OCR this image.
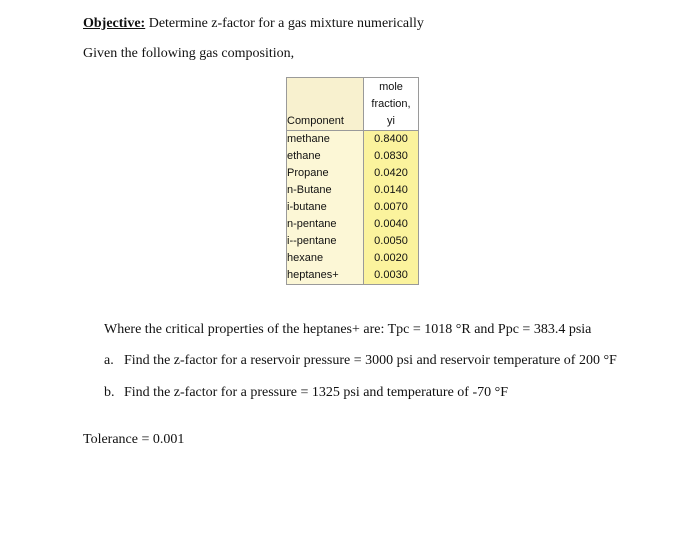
Objective: Determine z-factor for a gas mixture numerically
Given the following gas composition,
Component	mole
fraction,
yi

methane	0.8400
ethane	0.0830
Propane	0.0420
n-Butane	0.0140
i-butane	0.0070
n-pentane	0.0040
i--pentane	0.0050
hexane	0.0020
heptanes+	0.0030
Where the critical properties of the heptanes+ are: Tpc = 1018 °R and Ppc = 383.4 psia
a. Find the z-factor for a reservoir pressure = 3000 psi and reservoir temperature of 200 °F
b. Find the z-factor for a pressure = 1325 psi and temperature of -70 °F
Tolerance = 0.001
